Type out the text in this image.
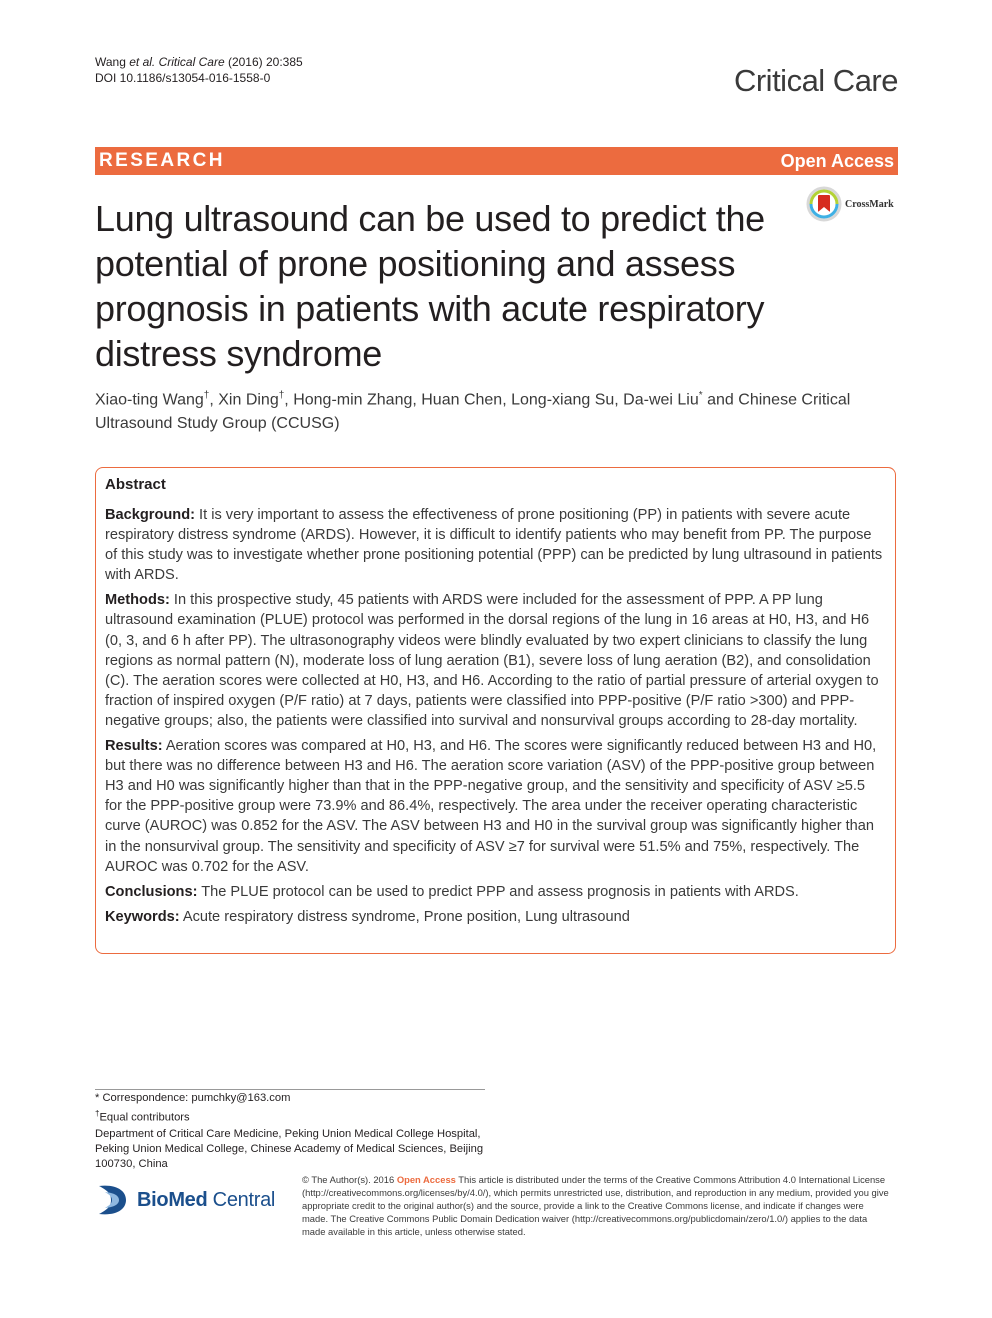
Wang et al. Critical Care (2016) 20:385
DOI 10.1186/s13054-016-1558-0	Critical Care
RESEARCH	Open Access
CrossMark
Lung ultrasound can be used to predict the potential of prone positioning and assess prognosis in patients with acute respiratory distress syndrome
Xiao-ting Wang†, Xin Ding†, Hong-min Zhang, Huan Chen, Long-xiang Su, Da-wei Liu* and Chinese Critical Ultrasound Study Group (CCUSG)
Abstract

Background: It is very important to assess the effectiveness of prone positioning (PP) in patients with severe acute respiratory distress syndrome (ARDS). However, it is difficult to identify patients who may benefit from PP. The purpose of this study was to investigate whether prone positioning potential (PPP) can be predicted by lung ultrasound in patients with ARDS.

Methods: In this prospective study, 45 patients with ARDS were included for the assessment of PPP. A PP lung ultrasound examination (PLUE) protocol was performed in the dorsal regions of the lung in 16 areas at H0, H3, and H6 (0, 3, and 6 h after PP). The ultrasonography videos were blindly evaluated by two expert clinicians to classify the lung regions as normal pattern (N), moderate loss of lung aeration (B1), severe loss of lung aeration (B2), and consolidation (C). The aeration scores were collected at H0, H3, and H6. According to the ratio of partial pressure of arterial oxygen to fraction of inspired oxygen (P/F ratio) at 7 days, patients were classified into PPP-positive (P/F ratio >300) and PPP-negative groups; also, the patients were classified into survival and nonsurvival groups according to 28-day mortality.

Results: Aeration scores was compared at H0, H3, and H6. The scores were significantly reduced between H3 and H0, but there was no difference between H3 and H6. The aeration score variation (ASV) of the PPP-positive group between H3 and H0 was significantly higher than that in the PPP-negative group, and the sensitivity and specificity of ASV ≥5.5 for the PPP-positive group were 73.9% and 86.4%, respectively. The area under the receiver operating characteristic curve (AUROC) was 0.852 for the ASV. The ASV between H3 and H0 in the survival group was significantly higher than in the nonsurvival group. The sensitivity and specificity of ASV ≥7 for survival were 51.5% and 75%, respectively. The AUROC was 0.702 for the ASV.

Conclusions: The PLUE protocol can be used to predict PPP and assess prognosis in patients with ARDS.

Keywords: Acute respiratory distress syndrome, Prone position, Lung ultrasound

* Correspondence: pumchky@163.com
†Equal contributors
Department of Critical Care Medicine, Peking Union Medical College Hospital, Peking Union Medical College, Chinese Academy of Medical Sciences, Beijing 100730, China
BioMed Central
© The Author(s). 2016 Open Access This article is distributed under the terms of the Creative Commons Attribution 4.0 International License (http://creativecommons.org/licenses/by/4.0/), which permits unrestricted use, distribution, and reproduction in any medium, provided you give appropriate credit to the original author(s) and the source, provide a link to the Creative Commons license, and indicate if changes were made. The Creative Commons Public Domain Dedication waiver (http://creativecommons.org/publicdomain/zero/1.0/) applies to the data made available in this article, unless otherwise stated.
